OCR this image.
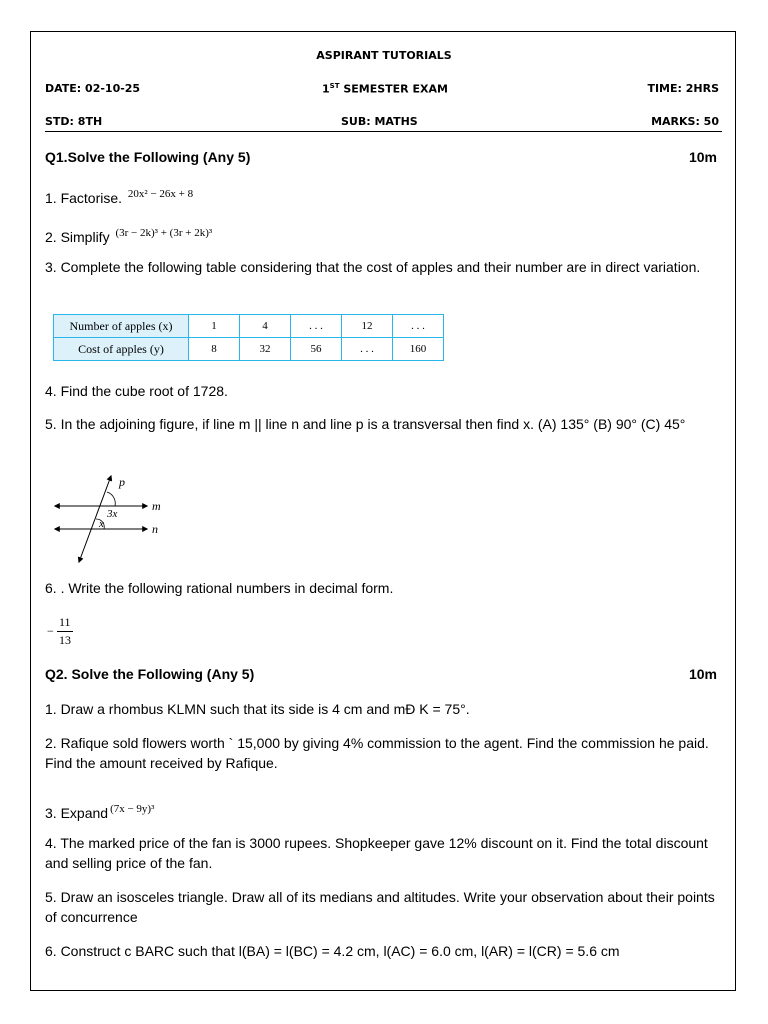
ASPIRANT TUTORIALS
DATE: 02-10-25	1ST SEMESTER EXAM	TIME: 2HRS
STD: 8TH	SUB: MATHS	MARKS: 50
Q1.Solve the Following (Any 5)	10m
1. Factorise. $^{20x^2 - 26x + 8}$
2. Simplify $^{(3r - 2k)^3 + (3r + 2k)^3}$
3. Complete the following table considering that the cost of apples and their number are in direct variation.
Number of apples (x)	1	4	. . .	12	. . .
Cost of apples (y)	8	32	56	. . .	160
4. Find the cube root of 1728.
5. In the adjoining figure, if line m || line n and line p is a transversal then find x. (A) 135° (B) 90° (C) 45°
p
m
n
3x
x
6. . Write the following rational numbers in decimal form.
−
11
13
Q2. Solve the Following (Any 5)	10m
1. Draw a rhombus KLMN such that its side is 4 cm and mÐ K = 75°.
2. Rafique sold flowers worth ` 15,000 by giving 4% commission to the agent. Find the commission he paid. Find the amount received by Rafique.
3. Expand $^{(7x - 9y)^3}$
4. The marked price of the fan is 3000 rupees. Shopkeeper gave 12% discount on it. Find the total discount and selling price of the fan.
5. Draw an isosceles triangle. Draw all of its medians and altitudes. Write your observation about their points of concurrence
6. Construct c BARC such that l(BA) = l(BC) = 4.2 cm, l(AC) = 6.0 cm, l(AR) = l(CR) = 5.6 cm
